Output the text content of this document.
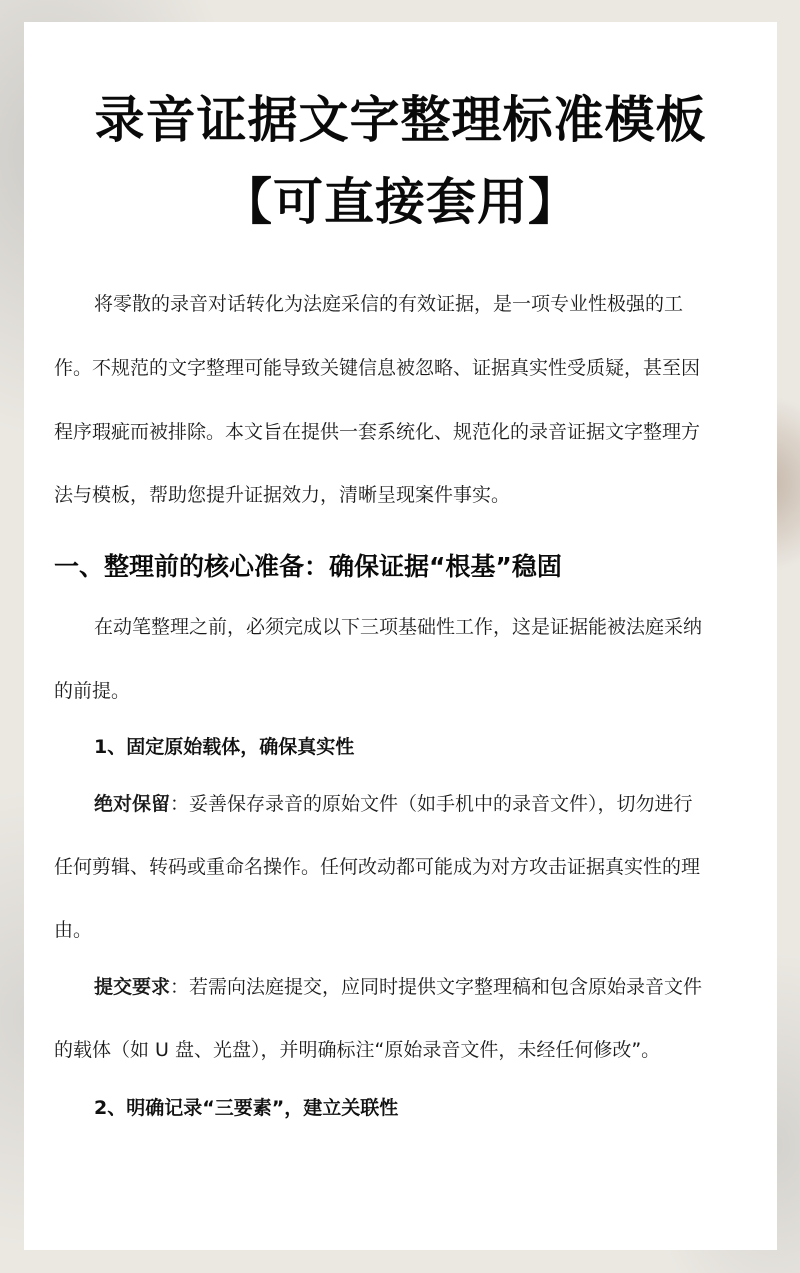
录音证据文字整理标准模板
【可直接套用】
将零散的录音对话转化为法庭采信的有效证据，是一项专业性极强的工
作。不规范的文字整理可能导致关键信息被忽略、证据真实性受质疑，甚至因
程序瑕疵而被排除。本文旨在提供一套系统化、规范化的录音证据文字整理方
法与模板，帮助您提升证据效力，清晰呈现案件事实。
一、整理前的核心准备：确保证据“根基”稳固
在动笔整理之前，必须完成以下三项基础性工作，这是证据能被法庭采纳
的前提。
1、固定原始载体，确保真实性
绝对保留：妥善保存录音的原始文件（如手机中的录音文件），切勿进行
任何剪辑、转码或重命名操作。任何改动都可能成为对方攻击证据真实性的理
由。
提交要求：若需向法庭提交，应同时提供文字整理稿和包含原始录音文件
的载体（如 U 盘、光盘），并明确标注“原始录音文件，未经任何修改”。
2、明确记录“三要素”，建立关联性
